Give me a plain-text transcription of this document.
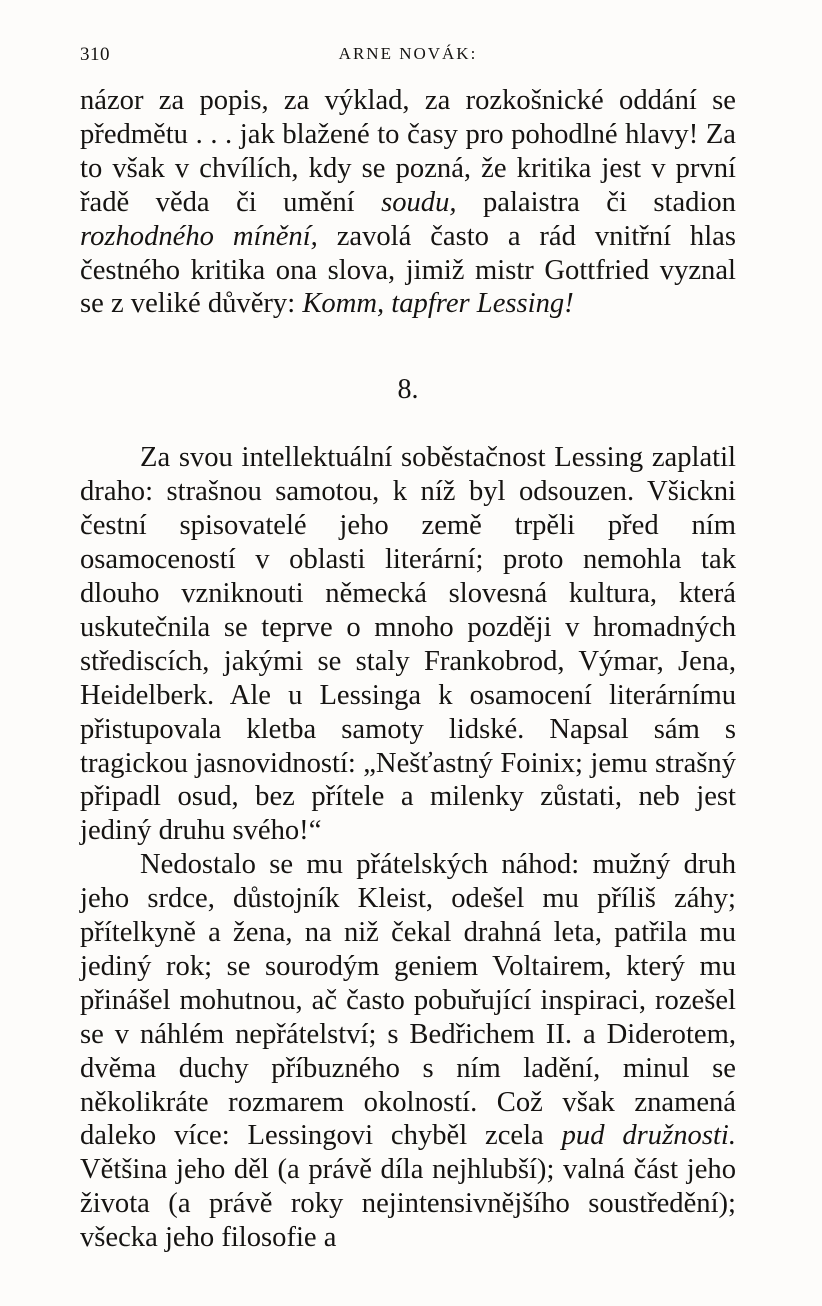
310	ARNE NOVÁK:

názor za popis, za výklad, za rozkošnické oddání se předmětu . . . jak blažené to časy pro pohodlné hlavy! Za to však v chvílích, kdy se pozná, že kritika jest v první řadě věda či umění soudu, palaistra či stadion rozhodného mínění, zavolá často a rád vnitřní hlas čestného kritika ona slova, jimiž mistr Gottfried vyznal se z veliké důvěry: Komm, tapfrer Lessing!

8.

Za svou intellektuální soběstačnost Lessing zaplatil draho: strašnou samotou, k níž byl odsouzen. Všickni čestní spisovatelé jeho země trpěli před ním osamoceností v oblasti literární; proto nemohla tak dlouho vzniknouti německá slovesná kultura, která uskutečnila se teprve o mnoho později v hromadných střediscích, jakými se staly Frankobrod, Výmar, Jena, Heidelberk. Ale u Lessinga k osamocení literárnímu přistupovala kletba samoty lidské. Napsal sám s tragickou jasnovidností: „Nešťastný Foinix; jemu strašný připadl osud, bez přítele a milenky zůstati, neb jest jediný druhu svého!“

Nedostalo se mu přátelských náhod: mužný druh jeho srdce, důstojník Kleist, odešel mu příliš záhy; přítelkyně a žena, na niž čekal drahná leta, patřila mu jediný rok; se sourodým geniem Voltairem, který mu přinášel mohutnou, ač často pobuřující inspiraci, rozešel se v náhlém nepřátelství; s Bedřichem II. a Diderotem, dvěma duchy příbuzného s ním ladění, minul se několikráte rozmarem okolností. Což však znamená daleko více: Lessingovi chyběl zcela pud družnosti. Většina jeho děl (a právě díla nejhlubší); valná část jeho života (a právě roky nejintensivnějšího soustředění); všecka jeho filosofie a
